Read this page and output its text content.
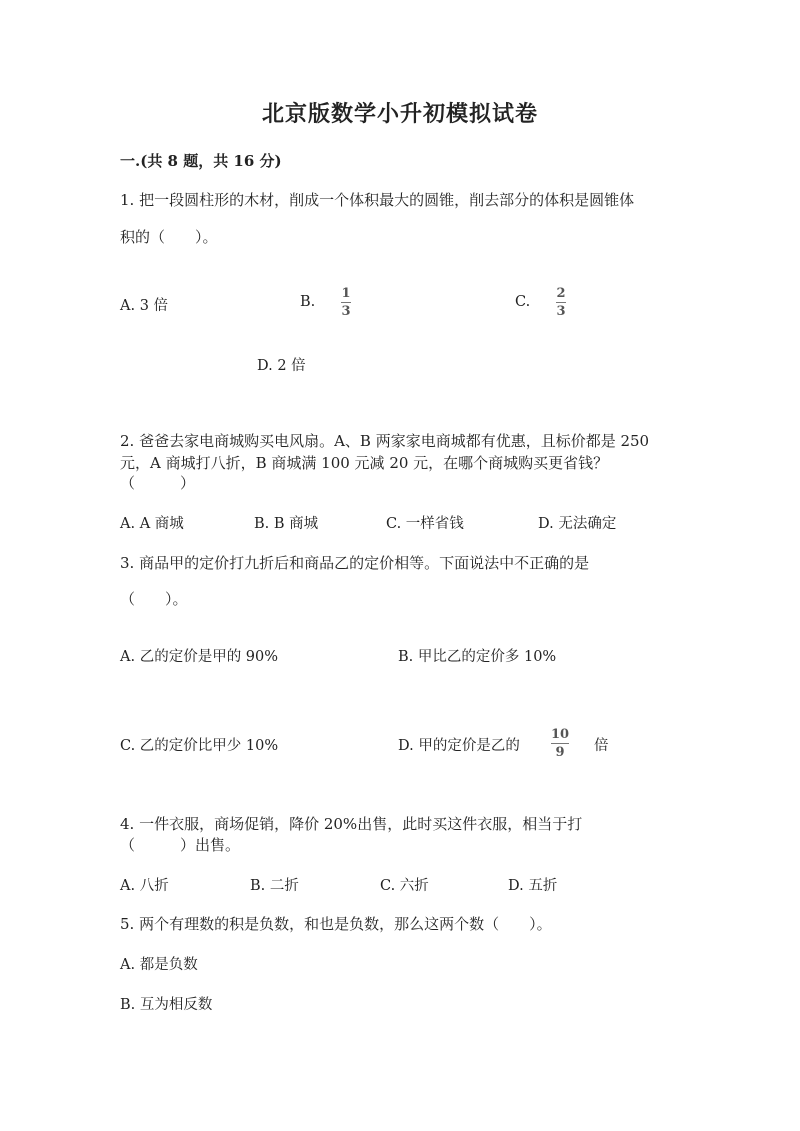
北京版数学小升初模拟试卷
一.(共 8 题，共 16 分)
1. 把一段圆柱形的木材，削成一个体积最大的圆锥，削去部分的体积是圆锥体
积的（　　）。
A. 3 倍	B.
1
3
C.
2
3
D. 2 倍
2. 爸爸去家电商城购买电风扇。A、B 两家家电商城都有优惠，且标价都是 250
元，A 商城打八折，B 商城满 100 元减 20 元，在哪个商城购买更省钱？
（　　　）
A. A 商城	B. B 商城	C. 一样省钱	D. 无法确定
3. 商品甲的定价打九折后和商品乙的定价相等。下面说法中不正确的是
（　　）。
A. 乙的定价是甲的 90%	B. 甲比乙的定价多 10%
C. 乙的定价比甲少 10%	D. 甲的定价是乙的
10
9 倍
4. 一件衣服，商场促销，降价 20%出售，此时买这件衣服，相当于打
（　　　）出售。
A. 八折	B. 二折	C. 六折	D. 五折
5. 两个有理数的积是负数，和也是负数，那么这两个数（　　）。
A. 都是负数
B. 互为相反数
